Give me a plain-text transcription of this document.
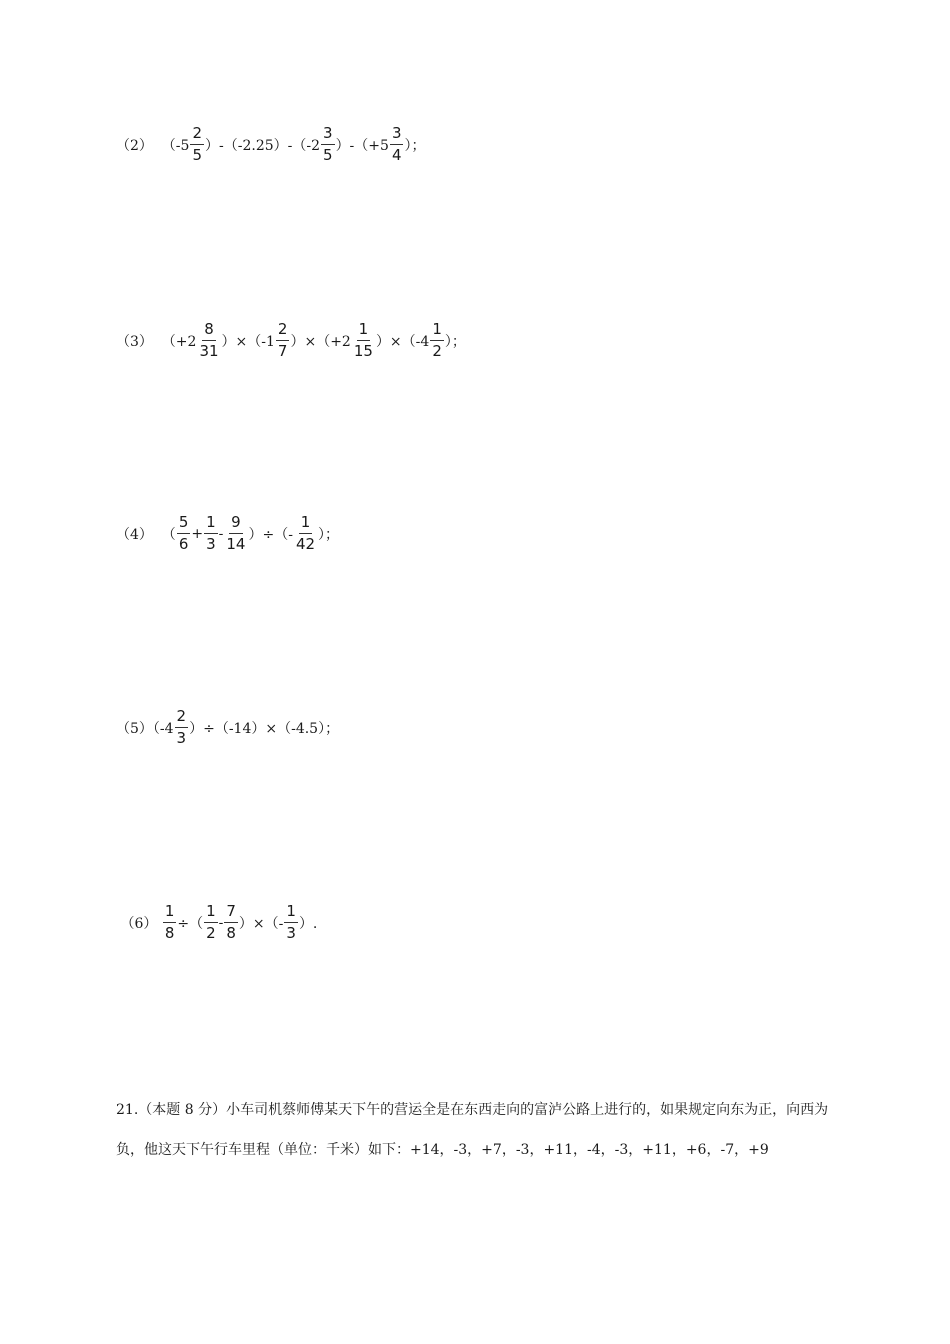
（2）  $(-5 \frac{2}{5} )-(-2.25)-(-2 \frac{3}{5} )-(+5 \frac{3}{4}$ ）；
（3）  $(+2 \frac{8}{31} )\times(-1 \frac{2}{7} )\times(+2 \frac{1}{15} )\times(-4 \frac{1}{2}$ ）；
（4）  （ $\frac{5}{6} + \frac{1}{3} - \frac{9}{14}$ ）÷（- $\frac{1}{42}$ ）；
$(5)(-4 \frac{2}{3} )\div(-14)\times(-4.5)$；
$(6) \frac{1}{8}$ ÷（ $\frac{1}{2} - \frac{7}{8}$ ）×（- $\frac{1}{3}$ ）.

21.（本题 8 分）小车司机蔡师傅某天下午的营运全是在东西走向的富泸公路上进行的，如果规定向东为正，向西为负，他这天下午行车里程（单位：千米）如下：+14，-3，+7，-3，+11，-4，-3，+11，+6，-7，+9
